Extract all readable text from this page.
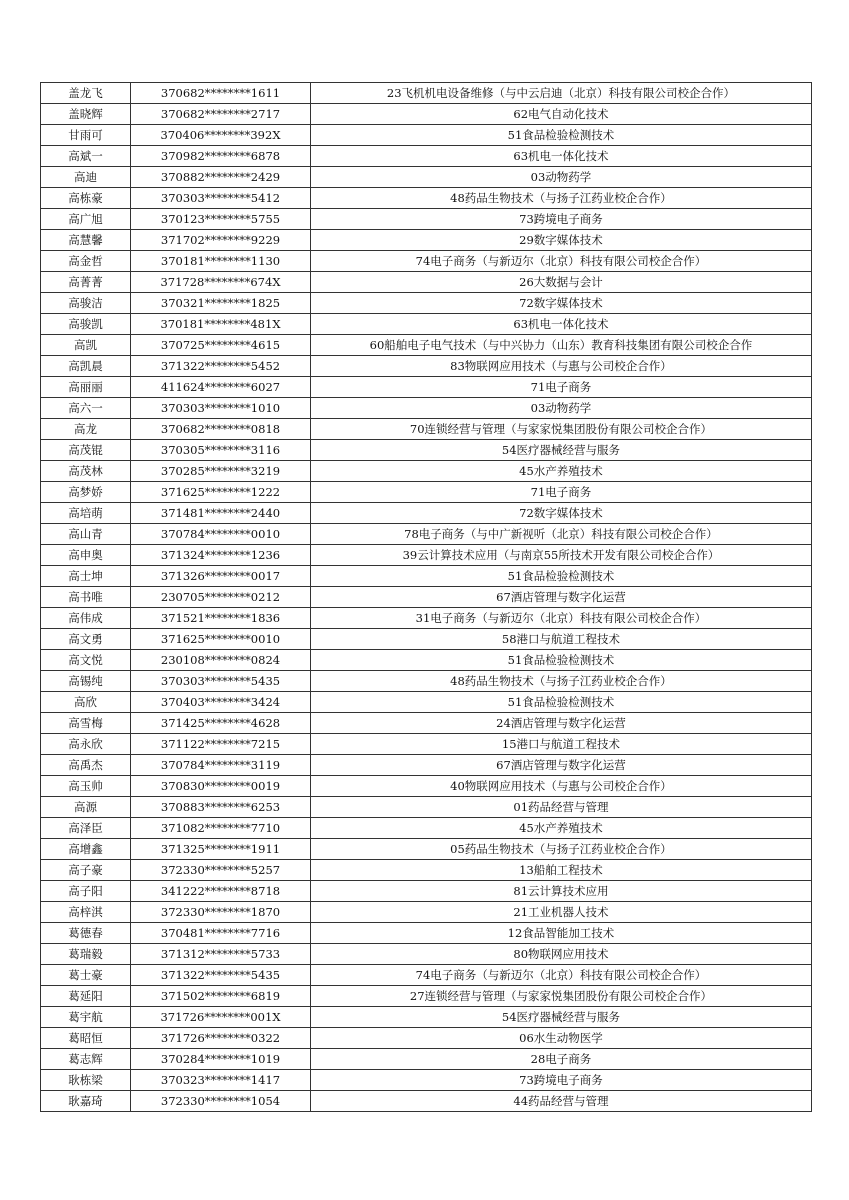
盖龙飞	370682********1611	23飞机机电设备维修（与中云启迪（北京）科技有限公司校企合作）
盖晓辉	370682********2717	62电气自动化技术
甘雨可	370406********392X	51食品检验检测技术
高斌一	370982********6878	63机电一体化技术
高迪	370882********2429	03动物药学
高栋豪	370303********5412	48药品生物技术（与扬子江药业校企合作）
高广旭	370123********5755	73跨境电子商务
高慧馨	371702********9229	29数字媒体技术
高金哲	370181********1130	74电子商务（与新迈尔（北京）科技有限公司校企合作）
高菁菁	371728********674X	26大数据与会计
高骏洁	370321********1825	72数字媒体技术
高骏凯	370181********481X	63机电一体化技术
高凯	370725********4615	60船舶电子电气技术（与中兴协力（山东）教育科技集团有限公司校企合作
高凯晨	371322********5452	83物联网应用技术（与惠与公司校企合作）
高丽丽	411624********6027	71电子商务
高六一	370303********1010	03动物药学
高龙	370682********0818	70连锁经营与管理（与家家悦集团股份有限公司校企合作）
高茂锟	370305********3116	54医疗器械经营与服务
高茂林	370285********3219	45水产养殖技术
高梦娇	371625********1222	71电子商务
高培萌	371481********2440	72数字媒体技术
高山青	370784********0010	78电子商务（与中广新视听（北京）科技有限公司校企合作）
高申奥	371324********1236	39云计算技术应用（与南京55所技术开发有限公司校企合作）
高士坤	371326********0017	51食品检验检测技术
高书唯	230705********0212	67酒店管理与数字化运营
高伟成	371521********1836	31电子商务（与新迈尔（北京）科技有限公司校企合作）
高文勇	371625********0010	58港口与航道工程技术
高文悦	230108********0824	51食品检验检测技术
高锡纯	370303********5435	48药品生物技术（与扬子江药业校企合作）
高欣	370403********3424	51食品检验检测技术
高雪梅	371425********4628	24酒店管理与数字化运营
高永欣	371122********7215	15港口与航道工程技术
高禹杰	370784********3119	67酒店管理与数字化运营
高玉帅	370830********0019	40物联网应用技术（与惠与公司校企合作）
高源	370883********6253	01药品经营与管理
高泽臣	371082********7710	45水产养殖技术
高增鑫	371325********1911	05药品生物技术（与扬子江药业校企合作）
高子豪	372330********5257	13船舶工程技术
高子阳	341222********8718	81云计算技术应用
高梓淇	372330********1870	21工业机器人技术
葛德春	370481********7716	12食品智能加工技术
葛瑞毅	371312********5733	80物联网应用技术
葛士豪	371322********5435	74电子商务（与新迈尔（北京）科技有限公司校企合作）
葛延阳	371502********6819	27连锁经营与管理（与家家悦集团股份有限公司校企合作）
葛宇航	371726********001X	54医疗器械经营与服务
葛昭恒	371726********0322	06水生动物医学
葛志辉	370284********1019	28电子商务
耿栋梁	370323********1417	73跨境电子商务
耿嘉琦	372330********1054	44药品经营与管理
